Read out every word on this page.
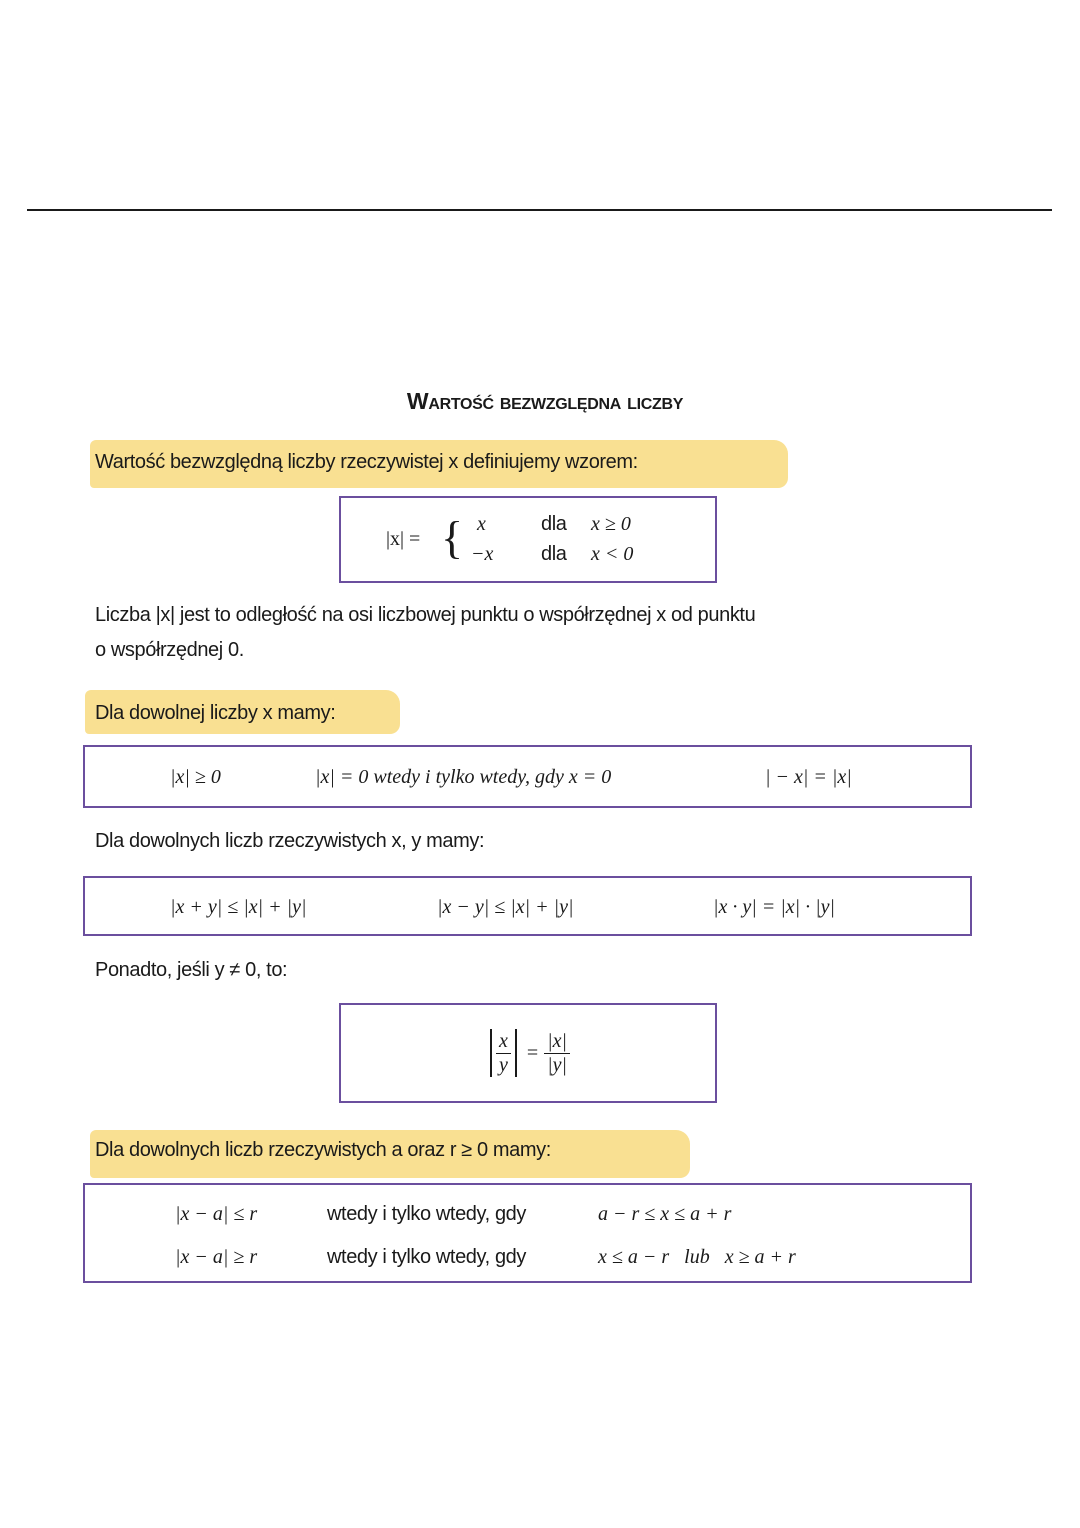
Wartość bezwzględna liczby
Wartość bezwzględną liczby rzeczywistej x definiujemy wzorem:
|x| = { x	dla x ≥ 0
−x dla x < 0
Liczba |x| jest to odległość na osi liczbowej punktu o współrzędnej x od punktu
o współrzędnej 0.
Dla dowolnej liczby x mamy:
|x| ≥ 0	|x| = 0 wtedy i tylko wtedy, gdy x = 0	| − x| = |x|
Dla dowolnych liczb rzeczywistych x, y mamy:
|x + y| ≤ |x| + |y|	|x − y| ≤ |x| + |y|	|x · y| = |x| · |y|
Ponadto, jeśli y ≠ 0, to:
$\frac{x}{y} = \frac{|x|}{|y|}$
Dla dowolnych liczb rzeczywistych a oraz r ≥ 0 mamy:
|x − a| ≤ r	wtedy i tylko wtedy, gdy	a − r ≤ x ≤ a + r
|x − a| ≥ r	wtedy i tylko wtedy, gdy	x ≤ a − r   lub   x ≥ a + r
